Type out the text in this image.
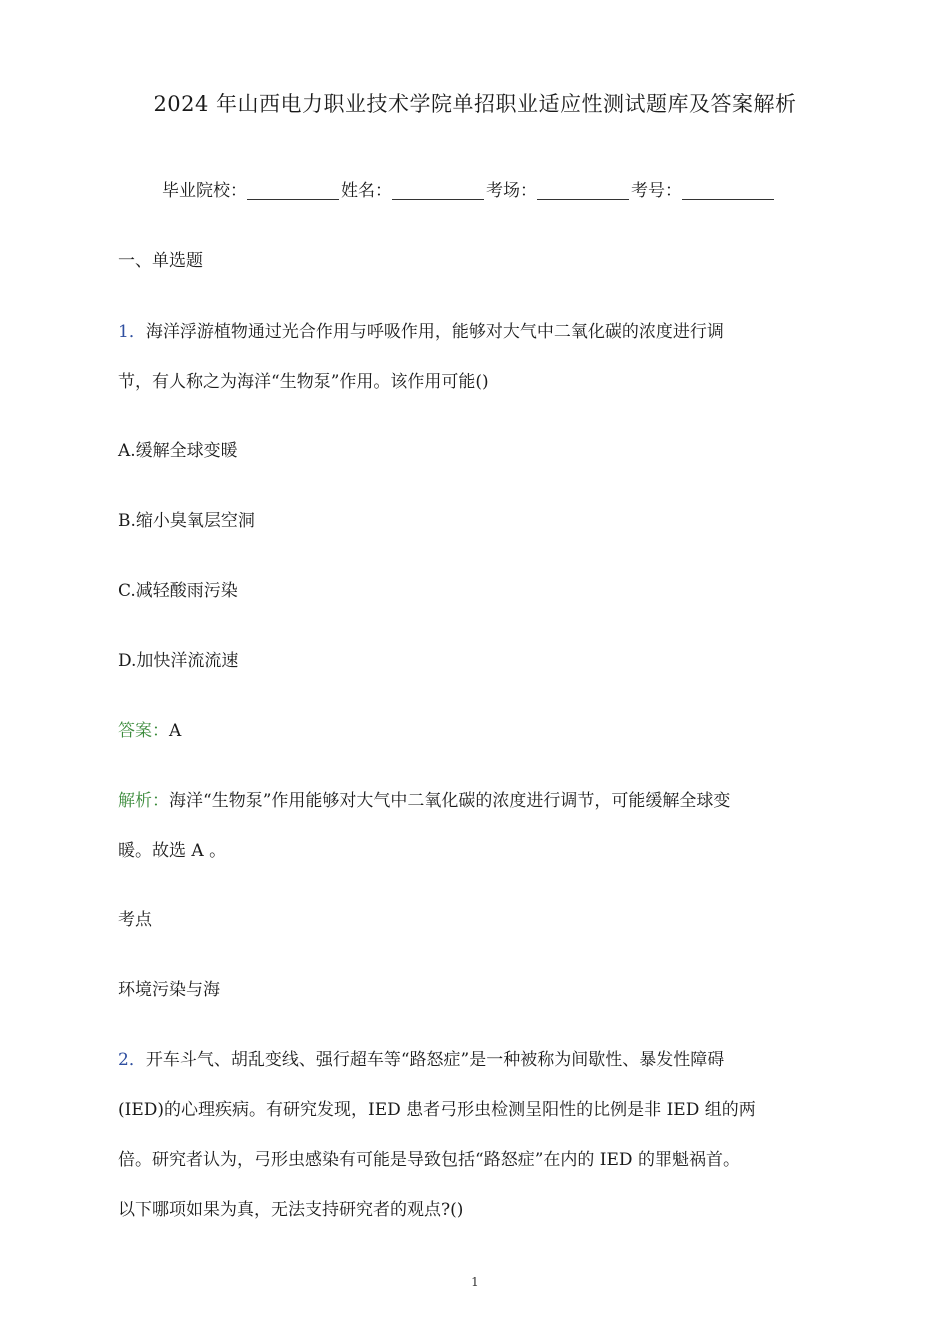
2024 年山西电力职业技术学院单招职业适应性测试题库及答案解析
毕业院校：	姓名：	考场：	考号：
一、单选题
1．海洋浮游植物通过光合作用与呼吸作用，能够对大气中二氧化碳的浓度进行调
节，有人称之为海洋“生物泵”作用。该作用可能()
A.缓解全球变暖
B.缩小臭氧层空洞
C.减轻酸雨污染
D.加快洋流流速
答案：A
解析：海洋“生物泵”作用能够对大气中二氧化碳的浓度进行调节，可能缓解全球变
暖。故选 A 。
考点
环境污染与海
2．开车斗气、胡乱变线、强行超车等“路怒症”是一种被称为间歇性、暴发性障碍
(IED)的心理疾病。有研究发现，IED 患者弓形虫检测呈阳性的比例是非 IED 组的两
倍。研究者认为，弓形虫感染有可能是导致包括“路怒症”在内的 IED 的罪魁祸首。
以下哪项如果为真，无法支持研究者的观点?()
1
